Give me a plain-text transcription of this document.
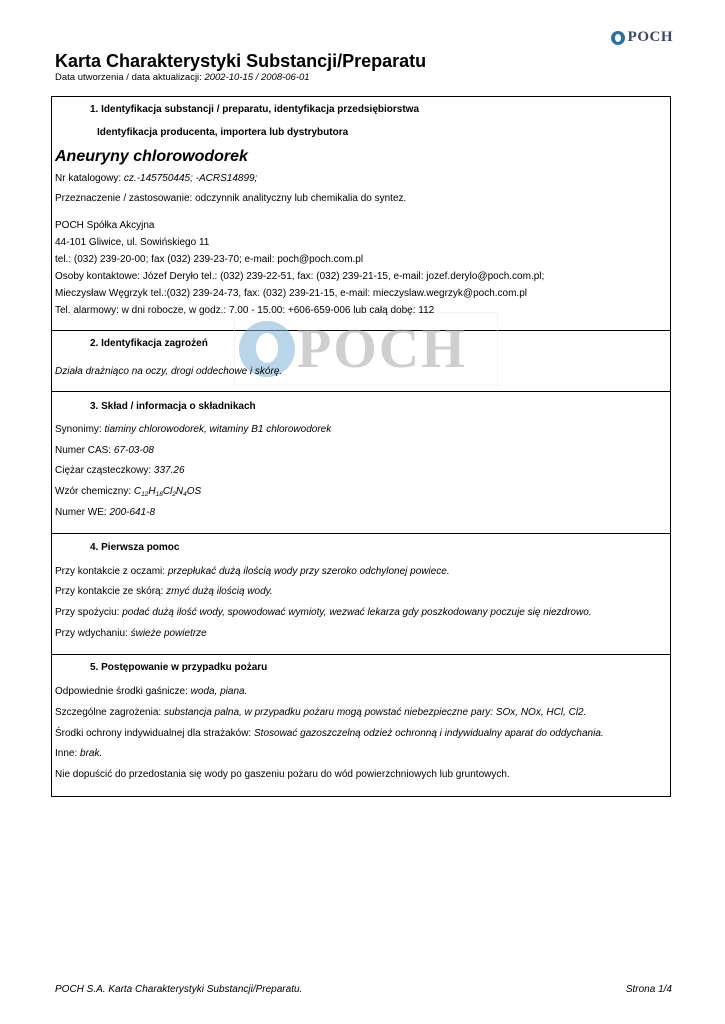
POCH
Karta Charakterystyki Substancji/Preparatu
Data utworzenia / data aktualizacji: 2002-10-15 / 2008-06-01
POCH
1. Identyfikacja substancji / preparatu, identyfikacja przedsiębiorstwa
Identyfikacja producenta, importera lub dystrybutora
Aneuryny chlorowodorek
Nr katalogowy: cz.-145750445; -ACRS14899;
Przeznaczenie / zastosowanie: odczynnik analityczny lub chemikalia do syntez.
POCH Spółka Akcyjna
44-101 Gliwice, ul. Sowińskiego 11
tel.: (032) 239-20-00; fax (032) 239-23-70; e-mail: poch@poch.com.pl
Osoby kontaktowe: Józef Deryło tel.: (032) 239-22-51, fax: (032) 239-21-15, e-mail: jozef.derylo@poch.com.pl;
Mieczysław Węgrzyk tel.:(032) 239-24-73, fax: (032) 239-21-15, e-mail: mieczyslaw.wegrzyk@poch.com.pl
Tel. alarmowy: w dni robocze, w godz.: 7.00 - 15.00: +606-659-006 lub całą dobę: 112
2. Identyfikacja zagrożeń
Działa drażniąco na oczy, drogi oddechowe i skórę.
3. Skład / informacja o składnikach
Synonimy: tiaminy chlorowodorek, witaminy B1 chlorowodorek
Numer CAS: 67-03-08
Ciężar cząsteczkowy: 337.26
Wzór chemiczny: $C_{12}H_{18}Cl_2N_4OS$
Numer WE: 200-641-8
4. Pierwsza pomoc
Przy kontakcie z oczami: przepłukać dużą ilością wody przy szeroko odchylonej powiece.
Przy kontakcie ze skórą: zmyć dużą ilością wody.
Przy spożyciu: podać dużą ilość wody, spowodować wymioty, wezwać lekarza gdy poszkodowany poczuje się niezdrowo.
Przy wdychaniu: świeże powietrze
5. Postępowanie w przypadku pożaru
Odpowiednie środki gaśnicze: woda, piana.
Szczególne zagrożenia: substancja palna, w przypadku pożaru mogą powstać niebezpieczne pary: SOx, NOx, HCl, Cl2.
Środki ochrony indywidualnej dla strażaków: Stosować gazoszczelną odzież ochronną i indywidualny aparat do oddychania.
Inne: brak.
Nie dopuścić do przedostania się wody po gaszeniu pożaru do wód powierzchniowych lub gruntowych.
POCH S.A. Karta Charakterystyki Substancji/Preparatu.	Strona 1/4
